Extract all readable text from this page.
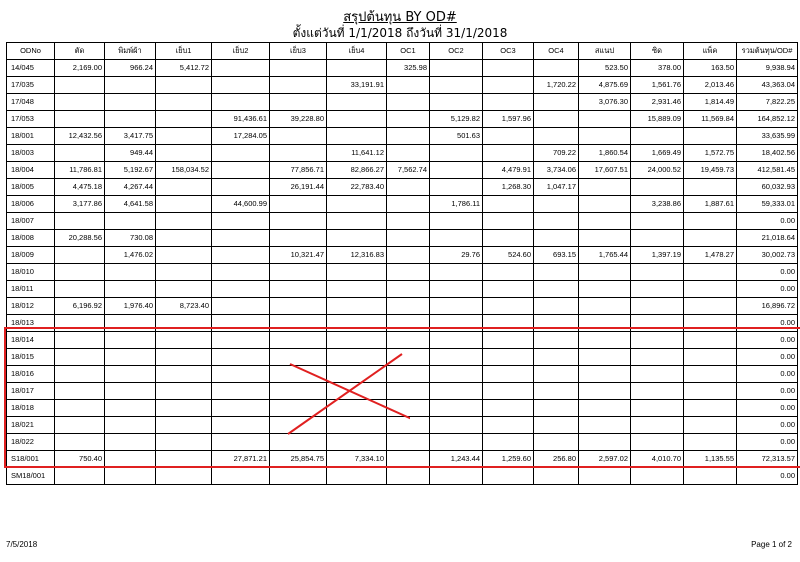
สรุปต้นทุน BY OD#
ตั้งแต่วันที่ 1/1/2018 ถึงวันที่ 31/1/2018
ODNo	ตัด	พิมพ์ผ้า	เย็บ1	เย็บ2	เย็บ3	เย็บ4	OC1	OC2	OC3	OC4	สแนป	ซิด	แพ็ค	รวมต้นทุน/OD#
14/045	2,169.00	966.24	5,412.72				325.98				523.50	378.00	163.50	9,938.94
17/035						33,191.91				1,720.22	4,875.69	1,561.76	2,013.46	43,363.04
17/048											3,076.30	2,931.46	1,814.49	7,822.25
17/053				91,436.61	39,228.80			5,129.82	1,597.96			15,889.09	11,569.84	164,852.12
18/001	12,432.56	3,417.75		17,284.05				501.63						33,635.99
18/003		949.44				11,641.12				709.22	1,860.54	1,669.49	1,572.75	18,402.56
18/004	11,786.81	5,192.67	158,034.52		77,856.71	82,866.27	7,562.74		4,479.91	3,734.06	17,607.51	24,000.52	19,459.73	412,581.45
18/005	4,475.18	4,267.44			26,191.44	22,783.40			1,268.30	1,047.17				60,032.93
18/006	3,177.86	4,641.58		44,600.99				1,786.11				3,238.86	1,887.61	59,333.01
18/007														0.00
18/008	20,288.56	730.08												21,018.64
18/009		1,476.02			10,321.47	12,316.83		29.76	524.60	693.15	1,765.44	1,397.19	1,478.27	30,002.73
18/010														0.00
18/011														0.00
18/012	6,196.92	1,976.40	8,723.40											16,896.72
18/013														0.00
18/014														0.00
18/015														0.00
18/016														0.00
18/017														0.00
18/018														0.00
18/021														0.00
18/022														0.00
S18/001	750.40			27,871.21	25,854.75	7,334.10		1,243.44	1,259.60	256.80	2,597.02	4,010.70	1,135.55	72,313.57
SM18/001														0.00
7/5/2018	Page 1 of 2
